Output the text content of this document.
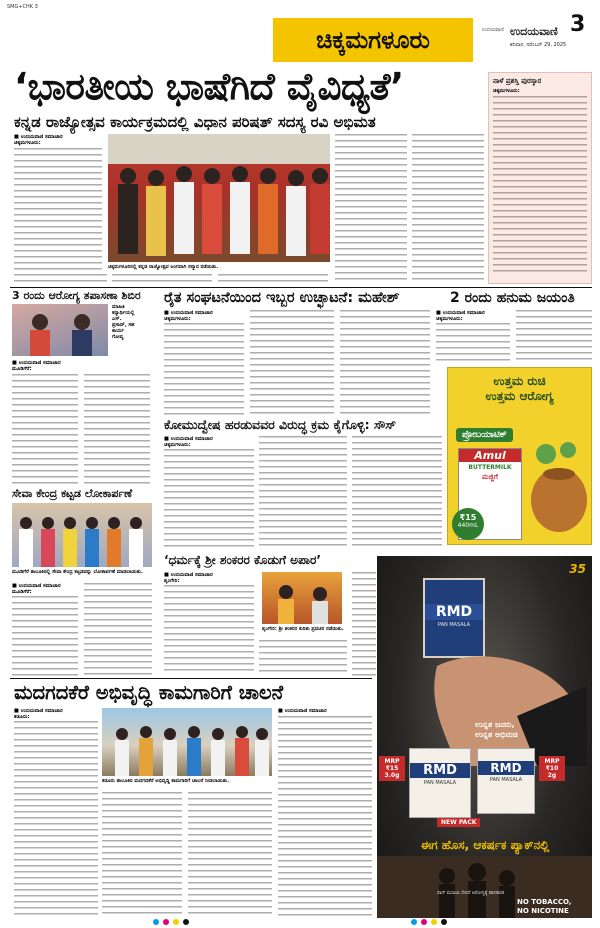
SMG+CHK 3
ಚಿಕ್ಕಮಗಳೂರು
3
ಉದಯವಾಣಿ ಉದಯವಾಣಿ
ಶನಿವಾರ, ನವೆಂಬರ್ 29, 2025
‘ಭಾರತೀಯ ಭಾಷೆಗಿದೆ ವೈವಿಧ್ಯತೆ’
ಕನ್ನಡ ರಾಜ್ಯೋತ್ಸವ ಕಾರ್ಯಕ್ರಮದಲ್ಲಿ ವಿಧಾನ ಪರಿಷತ್ ಸದಸ್ಯ ರವಿ ಅಭಿಮತ
■ ಉದಯವಾಣಿ ಸಮಾಚಾರ
ಚಿಕ್ಕಮಗಳೂರು:
ಚಿಕ್ಕಮಗಳೂರಿನಲ್ಲಿ ಕನ್ನಡ ರಾಜ್ಯೋತ್ಸವ ಅಂಗವಾಗಿ ಸನ್ಮಾನ ನಡೆಯಿತು.
ನಾಳೆ ಪ್ರಶಸ್ತಿ ಪುರಸ್ಕಾರ
ಚಿಕ್ಕಮಗಳೂರು:
3 ರಂದು ಆರೋಗ್ಯ ತಪಾಸಣಾ ಶಿಬಿರ
ಮಾಹಿತಿ
ಕನ್ಯಾರ್ಥಿಯಲ್ಲಿ
ಎಸ್.
ಪ್ರಸಾದ್, ಸಹ
ಕಾರ್ಯ
ಗೋಪ್ಯ
■ ಉದಯವಾಣಿ ಸಮಾಚಾರ
ಮೂಡಿಗೆರೆ:
ರೈತ ಸಂಘಟನೆಯಿಂದ ಇಬ್ಬರ ಉಚ್ಛಾಟನೆ: ಮಹೇಶ್
■ ಉದಯವಾಣಿ ಸಮಾಚಾರ
ಚಿಕ್ಕಮಗಳೂರು:
2 ರಂದು ಹನುಮ ಜಯಂತಿ
■ ಉದಯವಾಣಿ ಸಮಾಚಾರ
ಚಿಕ್ಕಮಗಳೂರು:
ಉತ್ತಮ ರುಚಿ
ಉತ್ತಮ ಆರೋಗ್ಯ
ಪ್ರೋಬಯಾಟಿಕ್
Amul
BUTTERMILK
ಮಜ್ಜಿಗೆ
₹15
440mL
ಕೋಮುದ್ವೇಷ ಹರಡುವವರ ವಿರುದ್ಧ ಕ್ರಮ ಕೈಗೊಳ್ಳಿ: ಸೌಸ್
■ ಉದಯವಾಣಿ ಸಮಾಚಾರ
ಚಿಕ್ಕಮಗಳೂರು:
ಸೇವಾ ಕೇಂದ್ರ ಕಟ್ಟಡ ಲೋಕಾರ್ಪಣೆ
ಮೂಡಿಗೆರೆ ತಾಲೂಕಿನಲ್ಲಿ ಸೇವಾ ಕೇಂದ್ರ ಕಟ್ಟಡವನ್ನು ಲೋಕಾರ್ಪಣೆ ಮಾಡಲಾಯಿತು.
■ ಉದಯವಾಣಿ ಸಮಾಚಾರ
ಮೂಡಿಗೆರೆ:
‘ಧರ್ಮಕ್ಕೆ ಶ್ರೀ ಶಂಕರರ ಕೊಡುಗೆ ಅಪಾರ’
■ ಉದಯವಾಣಿ ಸಮಾಚಾರ
ಶೃಂಗೇರಿ:
ಶೃಂಗೇರಿ: ಶ್ರೀ ಶಂಕರರ ಕುರಿತು ಪ್ರವಚನ ನಡೆಯಿತು.
35
RMD
PAN MASALA
ಉನ್ನತ ಜನರು,
ಉನ್ನತ ಅಭಿರುಚಿ
MRP ₹15 3.0g	RMD
PAN MASALA
RMD
PAN MASALA
MRP ₹10 2g
NEW PACK
ಈಗ ಹೊಸ, ಆಕರ್ಷಕ ಪ್ಯಾಕ್‌ನಲ್ಲಿ
ಪಾನ್ ಮಸಾಲಾ ಸೇವನೆ ಆರೋಗ್ಯಕ್ಕೆ ಹಾನಿಕಾರಕ
NO TOBACCO,
NO NICOTINE
ಮದಗದಕೆರೆ ಅಭಿವೃದ್ಧಿ ಕಾಮಗಾರಿಗೆ ಚಾಲನೆ
■ ಉದಯವಾಣಿ ಸಮಾಚಾರ
ಕಡೂರು:
ಕಡೂರು ತಾಲೂಕಿನ ಮದಗದಕೆರೆ ಅಭಿವೃದ್ಧಿ ಕಾಮಗಾರಿಗೆ ಚಾಲನೆ ನೀಡಲಾಯಿತು.
■ ಉದಯವಾಣಿ ಸಮಾಚಾರ
